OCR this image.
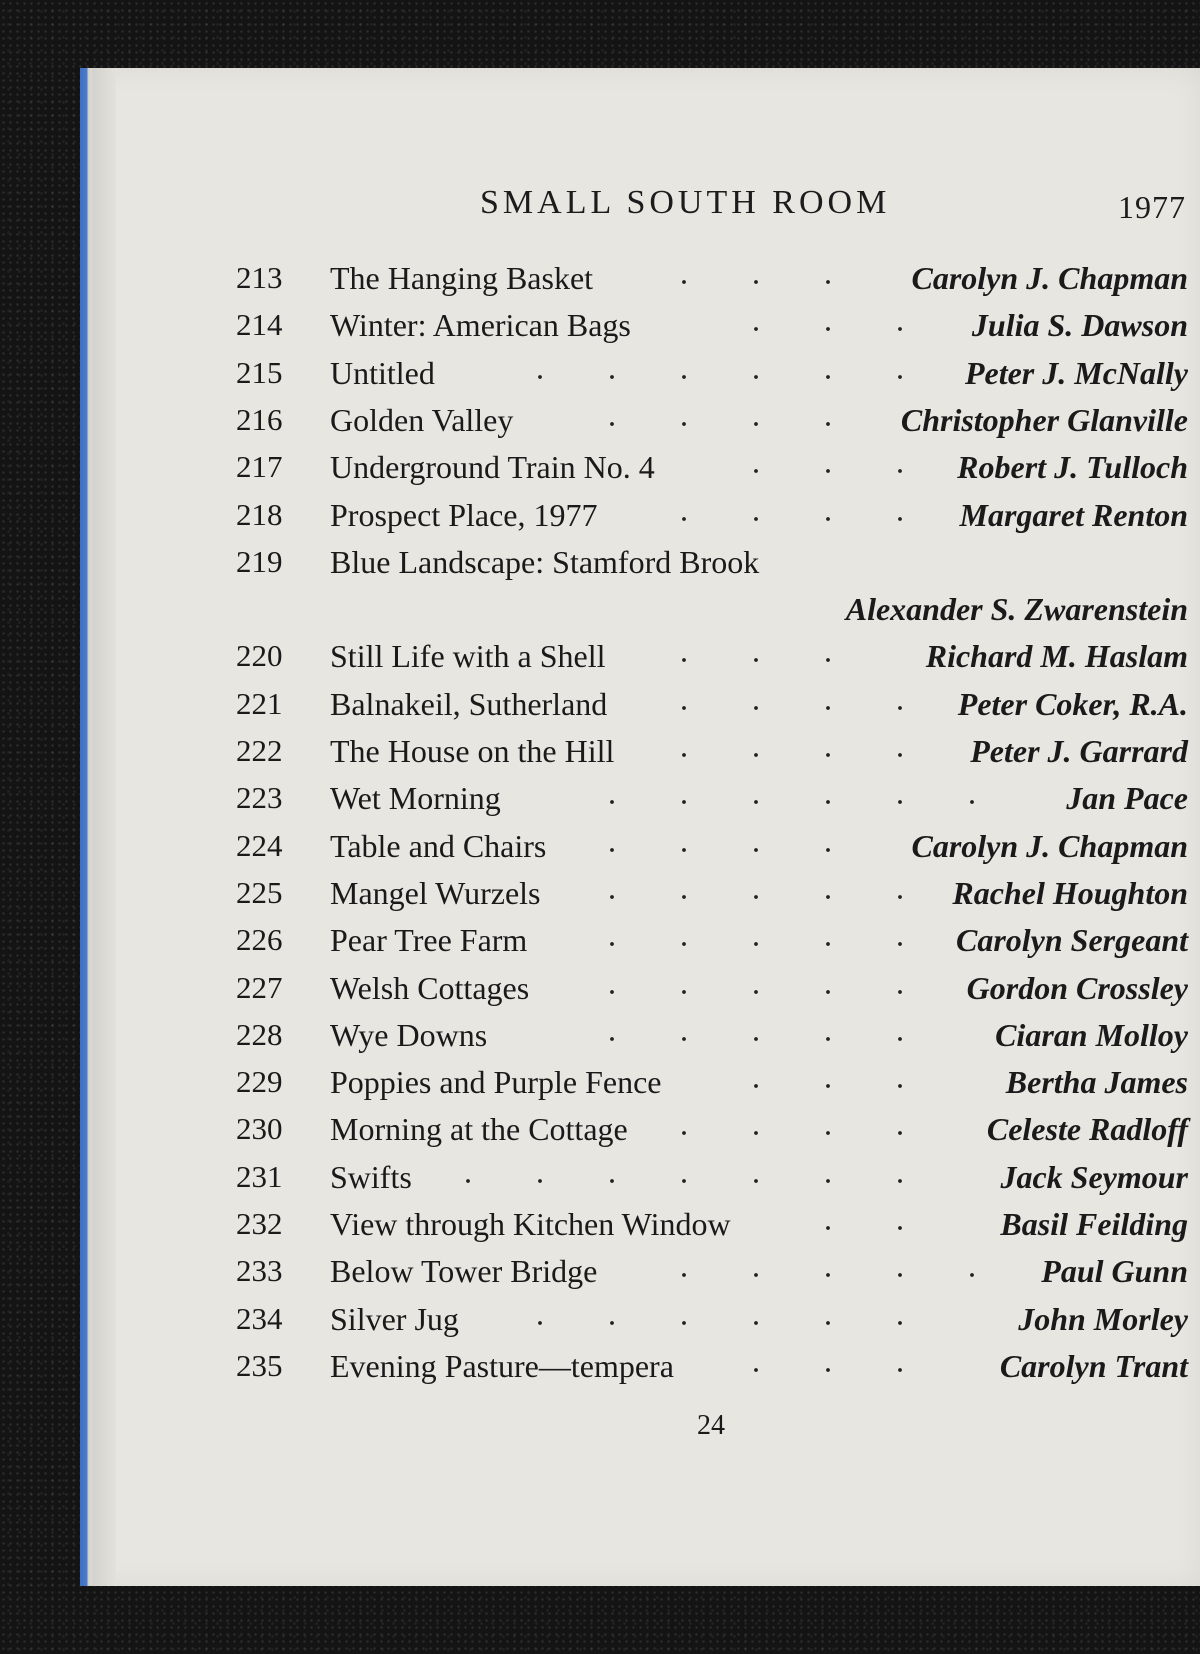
SMALL SOUTH ROOM	1977
213	The Hanging Basket	Carolyn J. Chapman
214	Winter: American Bags	Julia S. Dawson
215	Untitled	Peter J. McNally
216	Golden Valley	Christopher Glanville
217	Underground Train No. 4	Robert J. Tulloch
218	Prospect Place, 1977	Margaret Renton
219	Blue Landscape: Stamford Brook
Alexander S. Zwarenstein
220	Still Life with a Shell	Richard M. Haslam
221	Balnakeil, Sutherland	Peter Coker, R.A.
222	The House on the Hill	Peter J. Garrard
223	Wet Morning	Jan Pace
224	Table and Chairs	Carolyn J. Chapman
225	Mangel Wurzels	Rachel Houghton
226	Pear Tree Farm	Carolyn Sergeant
227	Welsh Cottages	Gordon Crossley
228	Wye Downs	Ciaran Molloy
229	Poppies and Purple Fence	Bertha James
230	Morning at the Cottage	Celeste Radloff
231	Swifts	Jack Seymour
232	View through Kitchen Window	Basil Feilding
233	Below Tower Bridge	Paul Gunn
234	Silver Jug	John Morley
235	Evening Pasture—tempera	Carolyn Trant
24
